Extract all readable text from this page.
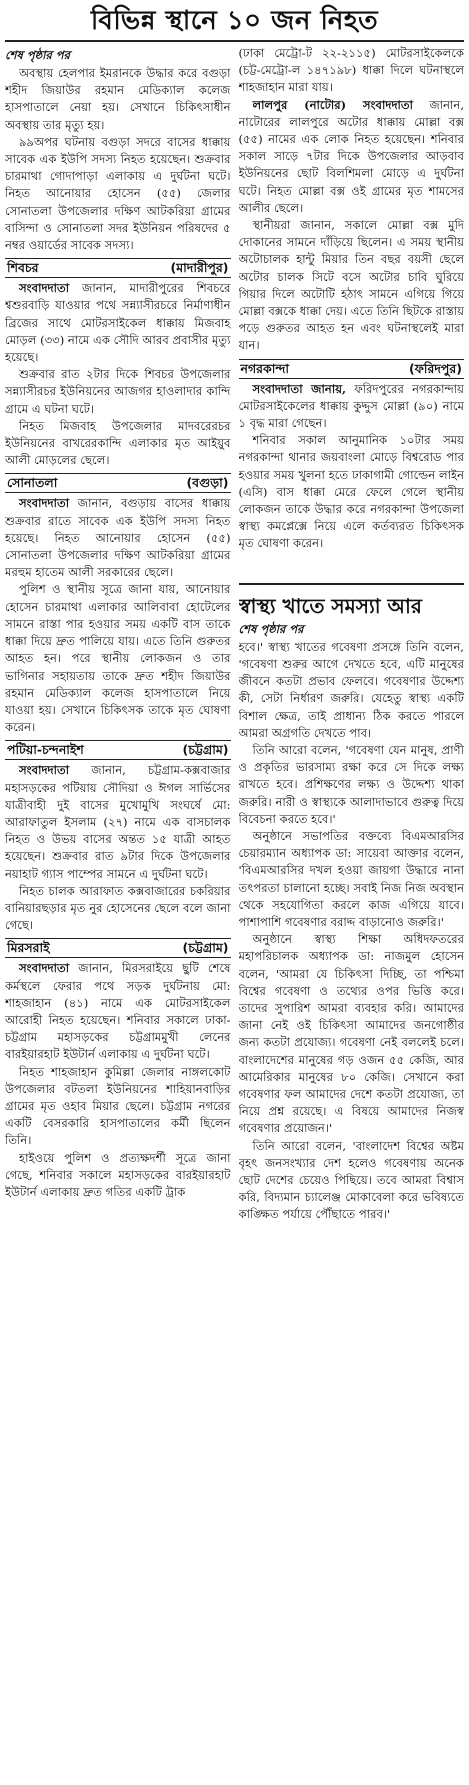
বিভিন্ন স্থানে ১০ জন নিহত
শেষ পৃষ্ঠার পর

অবস্থায় হেলপার ইমরানকে উদ্ধার করে বগুড়া শহীদ জিয়াউর রহমান মেডিক্যাল কলেজ হাসপাতালে নেয়া হয়। সেখানে চিকিৎসাধীন অবস্থায় তার মৃত্যু হয়।

৯৯অপর ঘটনায় বগুড়া সদরে বাসের ধাক্কায় সাবেক এক ইউপি সদস্য নিহত হয়েছেন। শুক্রবার চারমাথা গোদাপাড়া এলাকায় এ দুর্ঘটনা ঘটে। নিহত আনোয়ার হোসেন (৫৫) জেলার সোনাতলা উপজেলার দক্ষিণ আটকরিয়া গ্রামের বাসিন্দা ও সোনাতলা সদর ইউনিয়ন পরিষদের ৫ নম্বর ওয়ার্ডের সাবেক সদস্য।

শিবচর	(মাদারীপুর)

সংবাদদাতা জানান, মাদারীপুরের শিবচরে শ্বশুরবাড়ি যাওয়ার পথে সন্ন্যাসীরচরে নির্মাণাধীন ব্রিজের সাথে মোটরসাইকেল ধাক্কায় মিজবাহ মোড়ল (৩৩) নামে এক সৌদি আরব প্রবাসীর মৃত্যু হয়েছে।

শুক্রবার রাত ২টার দিকে শিবচর উপজেলার সন্ন্যাসীরচর ইউনিয়নের আজগর হাওলাদার কান্দি গ্রামে এ ঘটনা ঘটে।

নিহত মিজবাহ উপজেলার মাদবরেরচর ইউনিয়নের বাখরেরকান্দি এলাকার মৃত আইয়ুব আলী মোড়লের ছেলে।

সোনাতলা	(বগুড়া)

সংবাদদাতা জানান, বগুড়ায় বাসের ধাক্কায় শুক্রবার রাতে সাবেক এক ইউপি সদস্য নিহত হয়েছে। নিহত আনোয়ার হোসেন (৫৫) সোনাতলা উপজেলার দক্ষিণ আটকরিয়া গ্রামের মরহুম হাতেম আলী সরকারের ছেলে।

পুলিশ ও স্থানীয় সূত্রে জানা যায়, আনোয়ার হোসেন চারমাথা এলাকার আলিবাবা হোটেলের সামনে রাস্তা পার হওয়ার সময় একটি বাস তাকে ধাক্কা দিয়ে দ্রুত পালিয়ে যায়। এতে তিনি গুরুতর আহত হন। পরে স্থানীয় লোকজন ও তার ভাগিনার সহায়তায় তাকে দ্রুত শহীদ জিয়াউর রহমান মেডিক্যাল কলেজ হাসপাতালে নিয়ে যাওয়া হয়। সেখানে চিকিৎসক তাকে মৃত ঘোষণা করেন।

পটিয়া-চন্দনাইশ	(চট্টগ্রাম)

সংবাদদাতা জানান, চট্টগ্রাম-কক্সবাজার মহাসড়কের পটিয়ায় সৌদিয়া ও ঈগল সার্ভিসের যাত্রীবাহী দুই বাসের মুখোমুখি সংঘর্ষে মো: আরাফাতুল ইসলাম (২৭) নামে এক বাসচালক নিহত ও উভয় বাসের অন্তত ১৫ যাত্রী আহত হয়েছেন। শুক্রবার রাত ৯টার দিকে উপজেলার নয়াহাট গ্যাস পাম্পের সামনে এ দুর্ঘটনা ঘটে।

নিহত চালক আরাফাত কক্সবাজারের চকরিয়ার বানিয়ারছড়ার মৃত নুর হোসেনের ছেলে বলে জানা গেছে।

মিরসরাই	(চট্টগ্রাম)

সংবাদদাতা জানান, মিরসরাইয়ে ছুটি শেষে কর্মস্থলে ফেরার পথে সড়ক দুর্ঘটনায় মো: শাহজাহান (৪১) নামে এক মোটরসাইকেল আরোহী নিহত হয়েছেন। শনিবার সকালে ঢাকা-চট্টগ্রাম মহাসড়কের চট্টগ্রামমুখী লেনের বারইয়ারহাট ইউটার্ন এলাকায় এ দুর্ঘটনা ঘটে।

নিহত শাহজাহান কুমিল্লা জেলার নাঙ্গলকোট উপজেলার বটতলা ইউনিয়নের শাহিয়ানবাড়ির গ্রামের মৃত ওহাব মিয়ার ছেলে। চট্টগ্রাম নগরের একটি বেসরকারি হাসপাতালের কর্মী ছিলেন তিনি।

হাইওয়ে পুলিশ ও প্রত্যক্ষদর্শী সূত্রে জানা গেছে, শনিবার সকালে মহাসড়কের বারইয়ারহাট ইউটার্ন এলাকায় দ্রুত গতির একটি ট্রাক

(ঢাকা মেট্রো-ট ২২-২১১৫) মোটরসাইকেলকে (চট্ট-মেট্রো-ল ১৪৭১৯৮) ধাক্কা দিলে ঘটনাস্থলে শাহজাহান মারা যায়।

লালপুর (নাটোর) সংবাদদাতা জানান, নাটোরের লালপুরে অটোর ধাক্কায় মোল্লা বক্স (৫৫) নামের এক লোক নিহত হয়েছেন। শনিবার সকাল সাড়ে ৭টার দিকে উপজেলার আড়বাব ইউনিয়নের ছোট বিলশিমলা মোড়ে এ দুর্ঘটনা ঘটে। নিহত মোল্লা বক্স ওই গ্রামের মৃত শামসের আলীর ছেলে।

স্থানীয়রা জানান, সকালে মোল্লা বক্স মুদি দোকানের সামনে দাঁড়িয়ে ছিলেন। এ সময় স্থানীয় অটোচালক হান্টু মিয়ার তিন বছর বয়সী ছেলে অটোর চালক সিটে বসে অটোর চাবি ঘুরিয়ে গিয়ার দিলে অটোটি হঠাৎ সামনে এগিয়ে গিয়ে মোল্লা বক্সকে ধাক্কা দেয়। এতে তিনি ছিটকে রাস্তায় পড়ে গুরুতর আহত হন এবং ঘটনাস্থলেই মারা যান।

নগরকান্দা	(ফরিদপুর)

সংবাদদাতা জানায়, ফরিদপুরের নগরকান্দায় মোটরসাইকেলের ধাক্কায় কুদ্দুস মোল্লা (৯০) নামে ১ বৃদ্ধ মারা গেছেন।

শনিবার সকাল আনুমানিক ১০টার সময় নগরকান্দা থানার জয়বাংলা মোড়ে বিশ্বরোড পার হওয়ার সময় খুলনা হতে ঢাকাগামী গোল্ডেন লাইন (এসি) বাস ধাক্কা মেরে ফেলে গেলে স্থানীয় লোকজন তাকে উদ্ধার করে নগরকান্দা উপজেলা স্বাস্থ্য কমপ্লেক্সে নিয়ে এলে কর্তব্যরত চিকিৎসক মৃত ঘোষণা করেন।

স্বাস্থ্য খাতে সমস্যা আর
শেষ পৃষ্ঠার পর

হবে।' স্বাস্থ্য খাতের গবেষণা প্রসঙ্গে তিনি বলেন, 'গবেষণা শুরুর আগে দেখতে হবে, এটি মানুষের জীবনে কতটা প্রভাব ফেলবে। গবেষণার উদ্দেশ্য কী, সেটা নির্ধারণ জরুরি। যেহেতু স্বাস্থ্য একটি বিশাল ক্ষেত্র, তাই প্রাধান্য ঠিক করতে পারলে আমরা অগ্রগতি দেখতে পাব।

তিনি আরো বলেন, 'গবেষণা যেন মানুষ, প্রাণী ও প্রকৃতির ভারসাম্য রক্ষা করে সে দিকে লক্ষ্য রাখতে হবে। প্রশিক্ষণের লক্ষ্য ও উদ্দেশ্য থাকা জরুরি। নারী ও স্বাস্থ্যকে আলাদাভাবে গুরুত্ব দিয়ে বিবেচনা করতে হবে।'

অনুষ্ঠানে সভাপতির বক্তব্যে বিএমআরসির চেয়ারম্যান অধ্যাপক ডা: সায়েবা আক্তার বলেন, 'বিএমআরসির দখল হওয়া জায়গা উদ্ধারে নানা তৎপরতা চালানো হচ্ছে। সবাই নিজ নিজ অবস্থান থেকে সহযোগিতা করলে কাজ এগিয়ে যাবে। পাশাপাশি গবেষণার বরাদ্দ বাড়ানোও জরুরি।'

অনুষ্ঠানে স্বাস্থ্য শিক্ষা অধিদফতরের মহাপরিচালক অধ্যাপক ডা: নাজমুল হোসেন বলেন, 'আমরা যে চিকিৎসা দিচ্ছি, তা পশ্চিমা বিশ্বের গবেষণা ও তথ্যের ওপর ভিত্তি করে। তাদের সুপারিশ আমরা ব্যবহার করি। আমাদের জানা নেই ওই চিকিৎসা আমাদের জনগোষ্ঠীর জন্য কতটা প্রযোজ্য। গবেষণা নেই বললেই চলে। বাংলাদেশের মানুষের গড় ওজন ৫৫ কেজি, আর আমেরিকার মানুষের ৮০ কেজি। সেখানে করা গবেষণার ফল আমাদের দেশে কতটা প্রযোজ্য, তা নিয়ে প্রশ্ন রয়েছে। এ বিষয়ে আমাদের নিজস্ব গবেষণার প্রয়োজন।'

তিনি আরো বলেন, 'বাংলাদেশ বিশ্বের অষ্টম বৃহৎ জনসংখ্যার দেশ হলেও গবেষণায় অনেক ছোট দেশের চেয়েও পিছিয়ে। তবে আমরা বিশ্বাস করি, বিদ্যমান চ্যালেঞ্জ মোকাবেলা করে ভবিষ্যতে কাঙ্ক্ষিত পর্যায়ে পৌঁছাতে পারব।'
